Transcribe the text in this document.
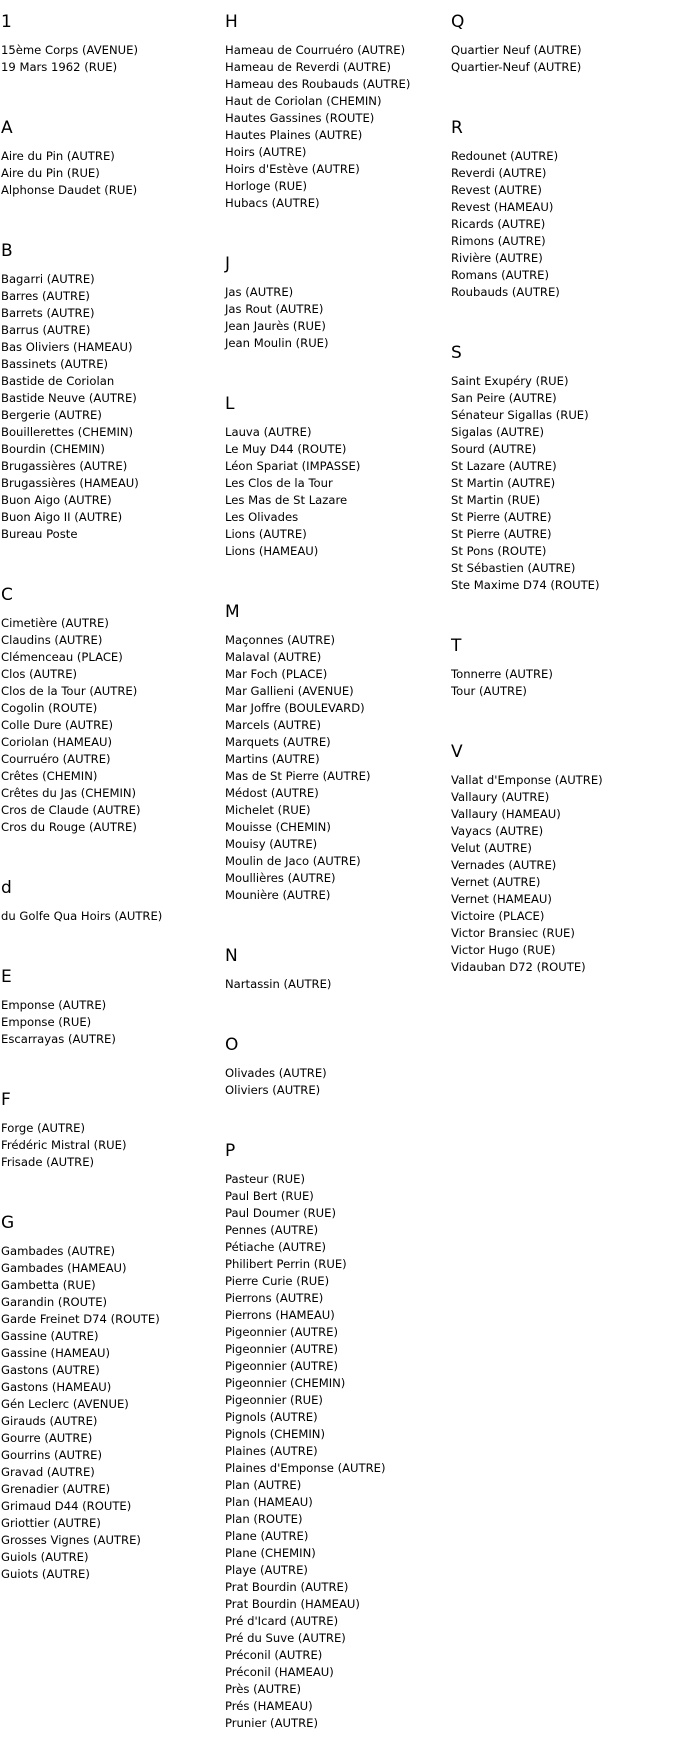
1
15ème Corps (AVENUE)
19 Mars 1962 (RUE)
A
Aire du Pin (AUTRE)
Aire du Pin (RUE)
Alphonse Daudet (RUE)
B
Bagarri (AUTRE)
Barres (AUTRE)
Barrets (AUTRE)
Barrus (AUTRE)
Bas Oliviers (HAMEAU)
Bassinets (AUTRE)
Bastide de Coriolan
Bastide Neuve (AUTRE)
Bergerie (AUTRE)
Bouillerettes (CHEMIN)
Bourdin (CHEMIN)
Brugassières (AUTRE)
Brugassières (HAMEAU)
Buon Aigo (AUTRE)
Buon Aigo II (AUTRE)
Bureau Poste
C
Cimetière (AUTRE)
Claudins (AUTRE)
Clémenceau (PLACE)
Clos (AUTRE)
Clos de la Tour (AUTRE)
Cogolin (ROUTE)
Colle Dure (AUTRE)
Coriolan (HAMEAU)
Courruéro (AUTRE)
Crêtes (CHEMIN)
Crêtes du Jas (CHEMIN)
Cros de Claude (AUTRE)
Cros du Rouge (AUTRE)
d
du Golfe Qua Hoirs (AUTRE)
E
Emponse (AUTRE)
Emponse (RUE)
Escarrayas (AUTRE)
F
Forge (AUTRE)
Frédéric Mistral (RUE)
Frisade (AUTRE)
G
Gambades (AUTRE)
Gambades (HAMEAU)
Gambetta (RUE)
Garandin (ROUTE)
Garde Freinet D74 (ROUTE)
Gassine (AUTRE)
Gassine (HAMEAU)
Gastons (AUTRE)
Gastons (HAMEAU)
Gén Leclerc (AVENUE)
Girauds (AUTRE)
Gourre (AUTRE)
Gourrins (AUTRE)
Gravad (AUTRE)
Grenadier (AUTRE)
Grimaud D44 (ROUTE)
Griottier (AUTRE)
Grosses Vignes (AUTRE)
Guiols (AUTRE)
Guiots (AUTRE)
H
Hameau de Courruéro (AUTRE)
Hameau de Reverdi (AUTRE)
Hameau des Roubauds (AUTRE)
Haut de Coriolan (CHEMIN)
Hautes Gassines (ROUTE)
Hautes Plaines (AUTRE)
Hoirs (AUTRE)
Hoirs d'Estève (AUTRE)
Horloge (RUE)
Hubacs (AUTRE)
J
Jas (AUTRE)
Jas Rout (AUTRE)
Jean Jaurès (RUE)
Jean Moulin (RUE)
L
Lauva (AUTRE)
Le Muy D44 (ROUTE)
Léon Spariat (IMPASSE)
Les Clos de la Tour
Les Mas de St Lazare
Les Olivades
Lions (AUTRE)
Lions (HAMEAU)
M
Maçonnes (AUTRE)
Malaval (AUTRE)
Mar Foch (PLACE)
Mar Gallieni (AVENUE)
Mar Joffre (BOULEVARD)
Marcels (AUTRE)
Marquets (AUTRE)
Martins (AUTRE)
Mas de St Pierre (AUTRE)
Médost (AUTRE)
Michelet (RUE)
Mouisse (CHEMIN)
Mouisy (AUTRE)
Moulin de Jaco (AUTRE)
Moullières (AUTRE)
Mounière (AUTRE)
N
Nartassin (AUTRE)
O
Olivades (AUTRE)
Oliviers (AUTRE)
P
Pasteur (RUE)
Paul Bert (RUE)
Paul Doumer (RUE)
Pennes (AUTRE)
Pétiache (AUTRE)
Philibert Perrin (RUE)
Pierre Curie (RUE)
Pierrons (AUTRE)
Pierrons (HAMEAU)
Pigeonnier (AUTRE)
Pigeonnier (AUTRE)
Pigeonnier (AUTRE)
Pigeonnier (CHEMIN)
Pigeonnier (RUE)
Pignols (AUTRE)
Pignols (CHEMIN)
Plaines (AUTRE)
Plaines d'Emponse (AUTRE)
Plan (AUTRE)
Plan (HAMEAU)
Plan (ROUTE)
Plane (AUTRE)
Plane (CHEMIN)
Playe (AUTRE)
Prat Bourdin (AUTRE)
Prat Bourdin (HAMEAU)
Pré d'Icard (AUTRE)
Pré du Suve (AUTRE)
Préconil (AUTRE)
Préconil (HAMEAU)
Près (AUTRE)
Prés (HAMEAU)
Prunier (AUTRE)
Q
Quartier Neuf (AUTRE)
Quartier-Neuf (AUTRE)
R
Redounet (AUTRE)
Reverdi (AUTRE)
Revest (AUTRE)
Revest (HAMEAU)
Ricards (AUTRE)
Rimons (AUTRE)
Rivière (AUTRE)
Romans (AUTRE)
Roubauds (AUTRE)
S
Saint Exupéry (RUE)
San Peire (AUTRE)
Sénateur Sigallas (RUE)
Sigalas (AUTRE)
Sourd (AUTRE)
St Lazare (AUTRE)
St Martin (AUTRE)
St Martin (RUE)
St Pierre (AUTRE)
St Pierre (AUTRE)
St Pons (ROUTE)
St Sébastien (AUTRE)
Ste Maxime D74 (ROUTE)
T
Tonnerre (AUTRE)
Tour (AUTRE)
V
Vallat d'Emponse (AUTRE)
Vallaury (AUTRE)
Vallaury (HAMEAU)
Vayacs (AUTRE)
Velut (AUTRE)
Vernades (AUTRE)
Vernet (AUTRE)
Vernet (HAMEAU)
Victoire (PLACE)
Victor Bransiec (RUE)
Victor Hugo (RUE)
Vidauban D72 (ROUTE)
